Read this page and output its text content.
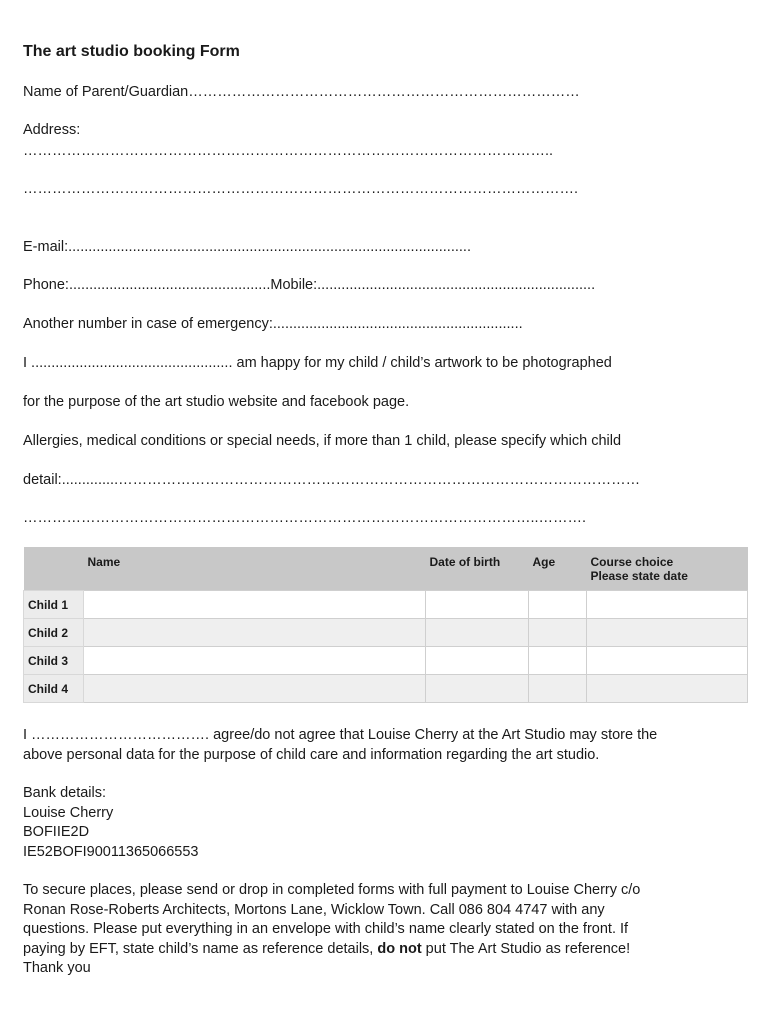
The art studio booking Form
Name of Parent/Guardian………………………………………………………………………
Address:
………………………………………………………………………………………………..
…………………………………………………………………………………………………….
E-mail:....................................................................................................
Phone:..................................................Mobile:.....................................................................
Another number in case of emergency:..............................................................
I .................................................. am happy for my child / child’s artwork to be photographed
for the purpose of the art studio website and facebook page.
Allergies, medical conditions or special needs, if more than 1 child, please specify which child
detail:..............………………………………………………………………………………………………
……………………………………………………………………………………………..……….
	Name	Date of birth	Age	Course choice
Please state date
Child 1				
Child 2				
Child 3				
Child 4				
I ………………………………. agree/do not agree that Louise Cherry at the Art Studio may store the
above personal data for the purpose of child care and information regarding the art studio.
Bank details:
Louise Cherry
BOFIIE2D
IE52BOFI90011365066553
To secure places, please send or drop in completed forms with full payment to Louise Cherry c/o
Ronan Rose-Roberts Architects, Mortons Lane, Wicklow Town. Call 086 804 4747 with any
questions. Please put everything in an envelope with child’s name clearly stated on the front. If
paying by EFT, state child’s name as reference details, do not put The Art Studio as reference!
Thank you
